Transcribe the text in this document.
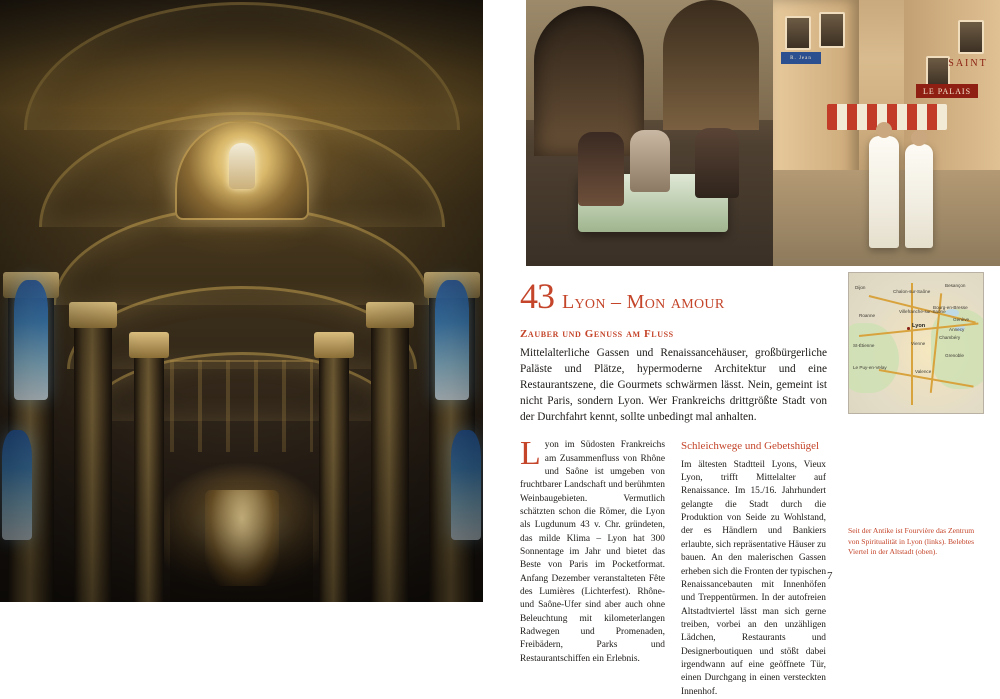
R. Jean
LE PALAIS
SAINT
43 Lyon – Mon amour
Zauber und Genuss am Fluss
Mittelalterliche Gassen und Renaissancehäuser, großbürgerliche Paläste und Plätze, hypermoderne Architektur und eine Restaurantszene, die Gourmets schwärmen lässt. Nein, gemeint ist nicht Paris, sondern Lyon. Wer Frankreichs drittgrößte Stadt von der Durchfahrt kennt, sollte unbedingt mal anhalten.

Lyon im Südosten Frankreichs am Zusammenfluss von Rhône und Saône ist umgeben von fruchtbarer Landschaft und berühmten Weinbaugebieten. Vermutlich schätzten schon die Römer, die Lyon als Lugdunum 43 v. Chr. gründeten, das milde Klima – Lyon hat 300 Sonnentage im Jahr und bietet das Beste von Paris im Pocketformat. Anfang Dezember veranstalteten Fête des Lumières (Lichterfest). Rhône- und Saône-Ufer sind aber auch ohne Beleuchtung mit kilometerlangen Radwegen und Promenaden, Freibädern, Parks und Restaurantschiffen ein Erlebnis.

Schleichwege und Gebetshügel

Im ältesten Stadtteil Lyons, Vieux Lyon, trifft Mittelalter auf Renaissance. Im 15./16. Jahrhundert gelangte die Stadt durch die Produktion von Seide zu Wohlstand, der es Händlern und Bankiers erlaubte, sich repräsentative Häuser zu bauen. An den malerischen Gassen erheben sich die Fronten der typischen Renaissancebauten mit Innenhöfen und Treppentürmen. In der autofreien Altstadtviertel lässt man sich gerne treiben, vorbei an den unzähligen Lädchen, Restaurants und Designerboutiquen und stößt dabei irgendwann auf eine geöffnete Tür, einen Durchgang in einen versteckten Innenhof.

Lyon
Dijon
Chalon-sur-Saône
Besançon
Bourg-en-Bresse
Roanne
Villefranche-sur-Saône
Genève
St-Étienne	Vienne
Chambéry
Annecy
Grenoble
Valence
Le Puy-en-Velay
Seit der Antike ist Fourvière das Zentrum von Spiritualität in Lyon (links). Belebtes Viertel in der Altstadt (oben).
7
